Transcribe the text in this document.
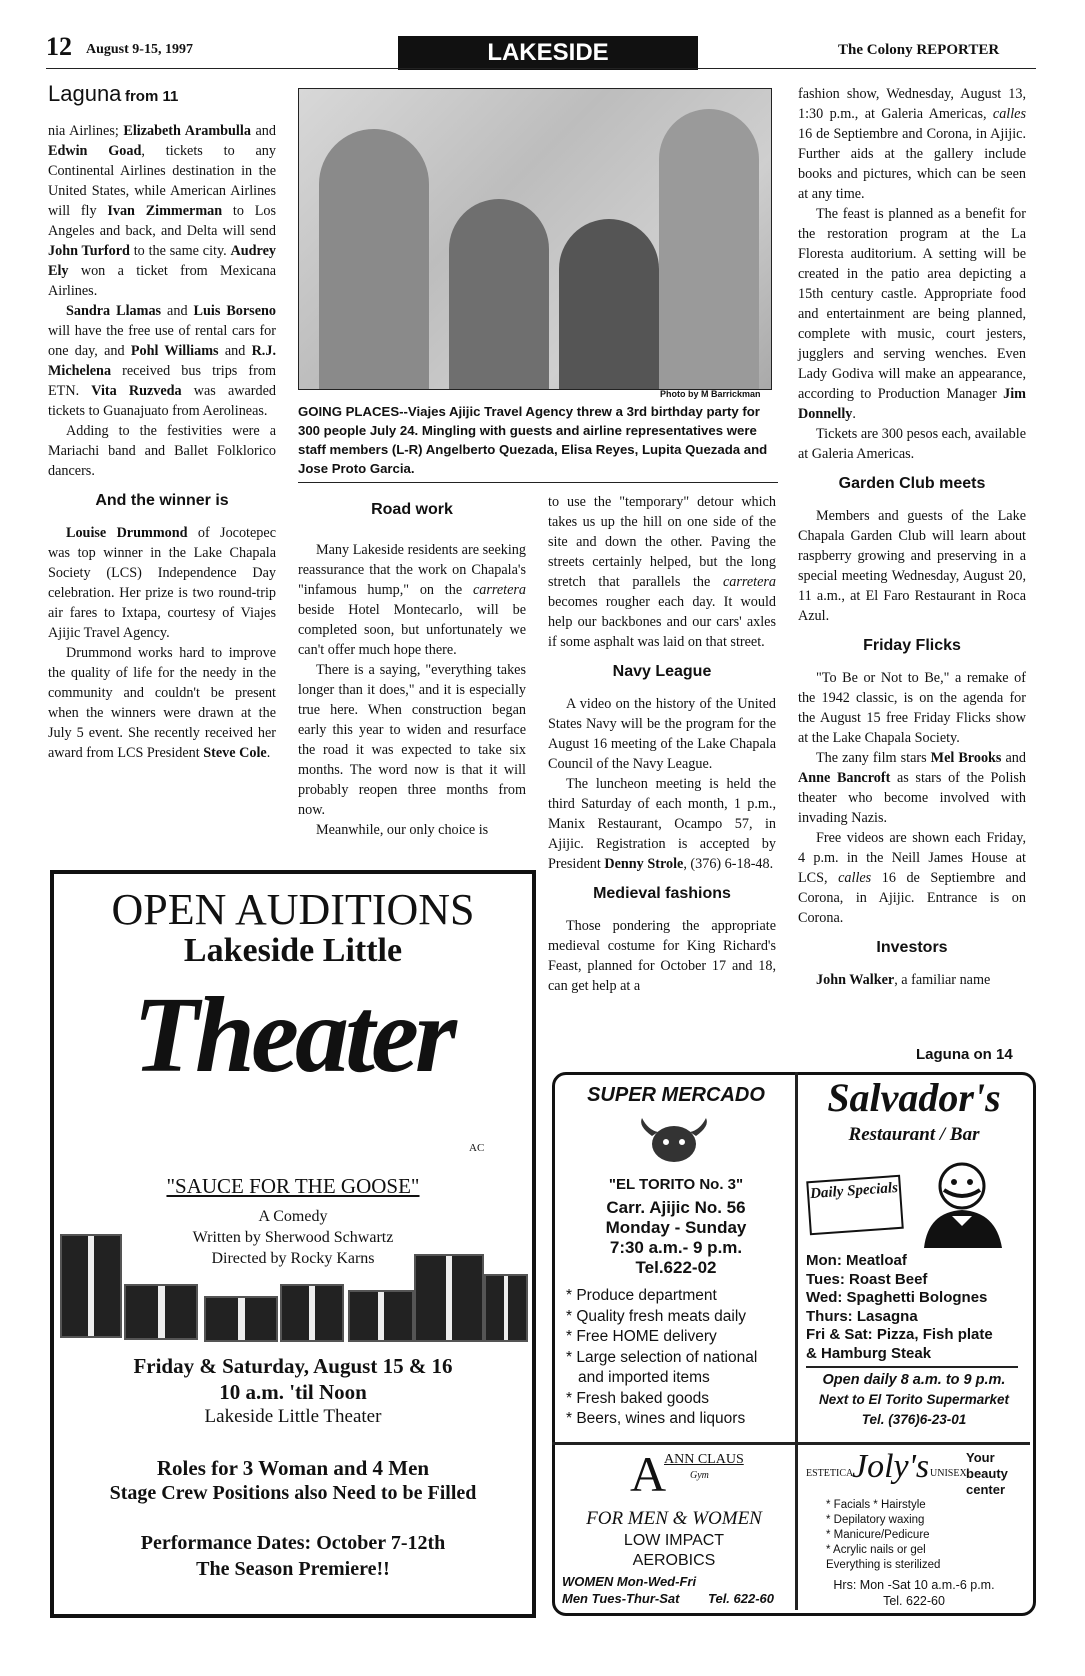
12 August 9-15, 1997	LAKESIDE	The Colony REPORTER
Laguna from 11

nia Airlines; Elizabeth Arambulla and Edwin Goad, tickets to any Continental Airlines destination in the United States, while American Airlines will fly Ivan Zimmerman to Los Angeles and back, and Delta will send John Turford to the same city. Audrey Ely won a ticket from Mexicana Airlines.

Sandra Llamas and Luis Borseno will have the free use of rental cars for one day, and Pohl Williams and R.J. Michelena received bus trips from ETN. Vita Ruzveda was awarded tickets to Guanajuato from Aerolineas.

Adding to the festivities were a Mariachi band and Ballet Folklorico dancers.

And the winner is

Louise Drummond of Jocotepec was top winner in the Lake Chapala Society (LCS) Independence Day celebration. Her prize is two round-trip air fares to Ixtapa, courtesy of Viajes Ajijic Travel Agency.

Drummond works hard to improve the quality of life for the needy in the community and couldn't be present when the winners were drawn at the July 5 event. She recently received her award from LCS President Steve Cole.

Photo by M Barrickman
GOING PLACES--Viajes Ajijic Travel Agency threw a 3rd birthday party for 300 people July 24. Mingling with guests and airline representatives were staff members (L-R) Angelberto Quezada, Elisa Reyes, Lupita Quezada and Jose Proto Garcia.
Road work

Many Lakeside residents are seeking reassurance that the work on Chapala's "infamous hump," on the carretera beside Hotel Montecarlo, will be completed soon, but unfortunately we can't offer much hope there.

There is a saying, "everything takes longer than it does," and it is especially true here. When construction began early this year to widen and resurface the road it was expected to take six months. The word now is that it will probably reopen three months from now.

Meanwhile, our only choice is

to use the "temporary" detour which takes us up the hill on one side of the site and down the other. Paving the streets certainly helped, but the long stretch that parallels the carretera becomes rougher each day. It would help our backbones and our cars' axles if some asphalt was laid on that street.

Navy League

A video on the history of the United States Navy will be the program for the August 16 meeting of the Lake Chapala Council of the Navy League.

The luncheon meeting is held the third Saturday of each month, 1 p.m., Manix Restaurant, Ocampo 57, in Ajijic. Registration is accepted by President Denny Strole, (376) 6-18-48.

Medieval fashions

Those pondering the appropriate medieval costume for King Richard's Feast, planned for October 17 and 18, can get help at a

fashion show, Wednesday, August 13, 1:30 p.m., at Galeria Americas, calles 16 de Septiembre and Corona, in Ajijic. Further aids at the gallery include books and pictures, which can be seen at any time.

The feast is planned as a benefit for the restoration program at the La Floresta auditorium. A setting will be created in the patio area depicting a 15th century castle. Appropriate food and entertainment are being planned, complete with music, court jesters, jugglers and serving wenches. Even Lady Godiva will make an appearance, according to Production Manager Jim Donnelly.

Tickets are 300 pesos each, available at Galeria Americas.

Garden Club meets

Members and guests of the Lake Chapala Garden Club will learn about raspberry growing and preserving in a special meeting Wednesday, August 20, 11 a.m., at El Faro Restaurant in Roca Azul.

Friday Flicks

"To Be or Not to Be," a remake of the 1942 classic, is on the agenda for the August 15 free Friday Flicks show at the Lake Chapala Society.

The zany film stars Mel Brooks and Anne Bancroft as stars of the Polish theater who become involved with invading Nazis.

Free videos are shown each Friday, 4 p.m. in the Neill James House at LCS, calles 16 de Septiembre and Corona, in Ajijic. Entrance is on Corona.

Investors

John Walker, a familiar name

Laguna on 14
OPEN AUDITIONS
Lakeside Little
Theater
AC
"SAUCE FOR THE GOOSE"
A Comedy
Written by Sherwood Schwartz
Directed by Rocky Karns
Friday & Saturday, August 15 & 16
10 a.m. 'til Noon
Lakeside Little Theater
Roles for 3 Woman and 4 Men
Stage Crew Positions also Need to be Filled
Performance Dates: October 7-12th
The Season Premiere!!
SUPER MERCADO
"EL TORITO No. 3"
Carr. Ajijic No. 56
Monday - Sunday
7:30 a.m.- 9 p.m.
Tel.622-02
* Produce department
* Quality fresh meats daily
* Free HOME delivery
* Large selection of national
and imported items
* Fresh baked goods
* Beers, wines and liquors
Salvador's
Restaurant / Bar
Daily Specials
Mon: Meatloaf
Tues: Roast Beef
Wed: Spaghetti Bolognes
Thurs: Lasagna
Fri & Sat: Pizza, Fish plate
& Hamburg Steak
Open daily 8 a.m. to 9 p.m.
Next to El Torito Supermarket
Tel. (376)6-23-01
A
ANN CLAUS
Gym
FOR MEN & WOMEN
LOW IMPACT
AEROBICS
WOMEN Mon-Wed-Fri
Men Tues-Thur-Sat Tel. 622-60
ESTETICA
Joly's UNISEX
Your
beauty
center
* Facials * Hairstyle
* Depilatory waxing
* Manicure/Pedicure
* Acrylic nails or gel
Everything is sterilized
Hrs: Mon -Sat 10 a.m.-6 p.m.
Tel. 622-60
